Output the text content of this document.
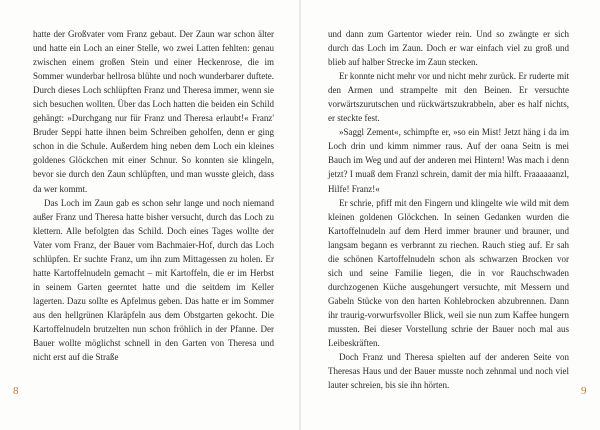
hatte der Großvater vom Franz gebaut. Der Zaun war schon älter und hatte ein Loch an einer Stelle, wo zwei Latten fehlten: genau zwischen einem großen Stein und einer Heckenrose, die im Sommer wunderbar hellrosa blühte und noch wunderbarer duftete. Durch dieses Loch schlüpften Franz und Theresa immer, wenn sie sich besuchen wollten. Über das Loch hatten die beiden ein Schild gehängt: »Durchgang nur für Franz und Theresa erlaubt!« Franz' Bruder Seppi hatte ihnen beim Schreiben geholfen, denn er ging schon in die Schule. Außerdem hing neben dem Loch ein kleines goldenes Glöckchen mit einer Schnur. So konnten sie klingeln, bevor sie durch den Zaun schlüpften, und man wusste gleich, dass da wer kommt.

Das Loch im Zaun gab es schon sehr lange und noch niemand außer Franz und Theresa hatte bisher versucht, durch das Loch zu klettern. Alle befolgten das Schild. Doch eines Tages wollte der Vater vom Franz, der Bauer vom Bachmaier-Hof, durch das Loch schlüpfen. Er suchte Franz, um ihn zum Mittagessen zu holen. Er hatte Kartoffelnudeln gemacht – mit Kartoffeln, die er im Herbst in seinem Garten geerntet hatte und die seitdem im Keller lagerten. Dazu sollte es Apfelmus geben. Das hatte er im Sommer aus den hellgrünen Klaräpfeln aus dem Obstgarten gekocht. Die Kartoffelnudeln brutzelten nun schon fröhlich in der Pfanne. Der Bauer wollte möglichst schnell in den Garten von Theresa und nicht erst auf die Straße

8

und dann zum Gartentor wieder rein. Und so zwängte er sich durch das Loch im Zaun. Doch er war einfach viel zu groß und blieb auf halber Strecke im Zaun stecken.

Er konnte nicht mehr vor und nicht mehr zurück. Er ruderte mit den Armen und strampelte mit den Beinen. Er versuchte vorwärtszurutschen und rückwärtszukrabbeln, aber es half nichts, er steckte fest.

»Saggl Zement«, schimpfte er, »so ein Mist! Jetzt häng i da im Loch drin und kimm nimmer raus. Auf der oana Seitn is mei Bauch im Weg und auf der anderen mei Hintern! Was mach i denn jetzt? I muaß dem Franzl schrein, damit der mia hilft. Fraaaaaanzl, Hilfe! Franz!«

Er schrie, pfiff mit den Fingern und klingelte wie wild mit dem kleinen goldenen Glöckchen. In seinen Gedanken wurden die Kartoffelnudeln auf dem Herd immer brauner und brauner, und langsam begann es verbrannt zu riechen. Rauch stieg auf. Er sah die schönen Kartoffelnudeln schon als schwarzen Brocken vor sich und seine Familie liegen, die in vor Rauchschwaden durchzogenen Küche ausgehungert versuchte, mit Messern und Gabeln Stücke von den harten Kohlebrocken abzubrennen. Dann ihr traurig-vorwurfsvoller Blick, weil sie nun zum Kaffee hungern mussten. Bei dieser Vorstellung schrie der Bauer noch mal aus Leibeskräften.

Doch Franz und Theresa spielten auf der anderen Seite von Theresas Haus und der Bauer musste noch zehnmal und noch viel lauter schreien, bis sie ihn hörten.	9
